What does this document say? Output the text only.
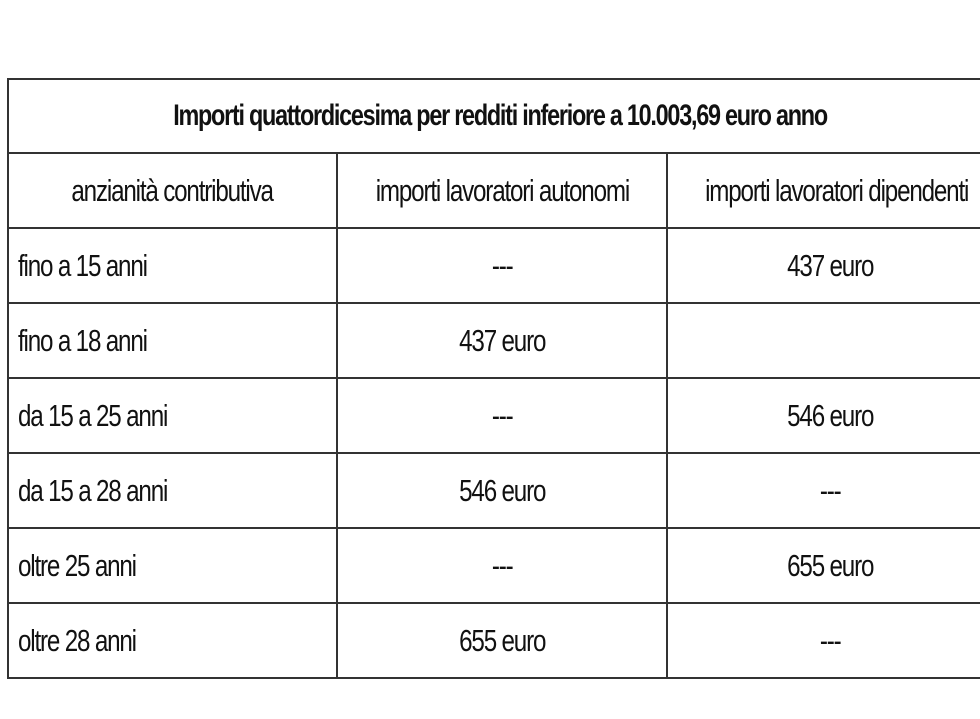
Importi quattordicesima per redditi inferiore a 10.003,69 euro anno		
anzianità contributiva	importi lavoratori autonomi	importi lavoratori dipendenti
fino a 15 anni	---	437 euro
fino a 18 anni	437 euro	
da 15 a 25 anni	---	546 euro
da 15 a 28 anni	546 euro	---
oltre 25 anni	---	655 euro
oltre 28 anni	655 euro	---
